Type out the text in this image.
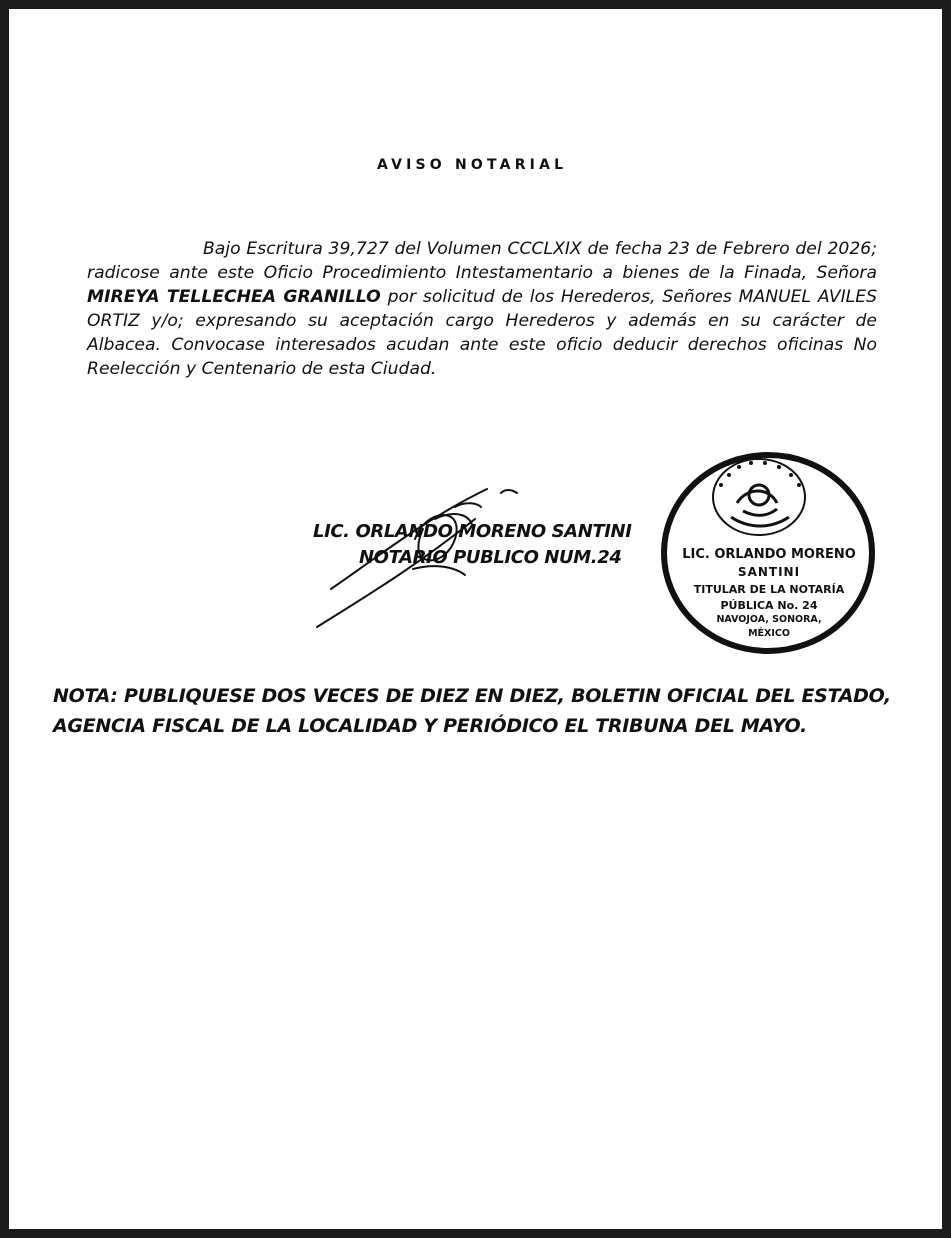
AVISO NOTARIAL
Bajo Escritura 39,727 del Volumen CCCLXIX de fecha 23 de Febrero del 2026; radicose ante este Oficio Procedimiento Intestamentario a bienes de la Finada, Señora MIREYA TELLECHEA GRANILLO por solicitud de los Herederos, Señores MANUEL AVILES ORTIZ y/o; expresando su aceptación cargo Herederos y además en su carácter de Albacea. Convocase interesados acudan ante este oficio deducir derechos oficinas No Reelección y Centenario de esta Ciudad.
LIC. ORLANDO MORENO SANTINI
NOTARIO PUBLICO NUM.24	LIC. ORLANDO MORENO
SANTINI
TITULAR DE LA NOTARÍA
PÚBLICA No. 24
NAVOJOA, SONORA,
MÉXICO
NOTA: PUBLIQUESE DOS VECES DE DIEZ EN DIEZ, BOLETIN OFICIAL DEL ESTADO,
AGENCIA FISCAL DE LA LOCALIDAD Y PERIÓDICO EL TRIBUNA DEL MAYO.
